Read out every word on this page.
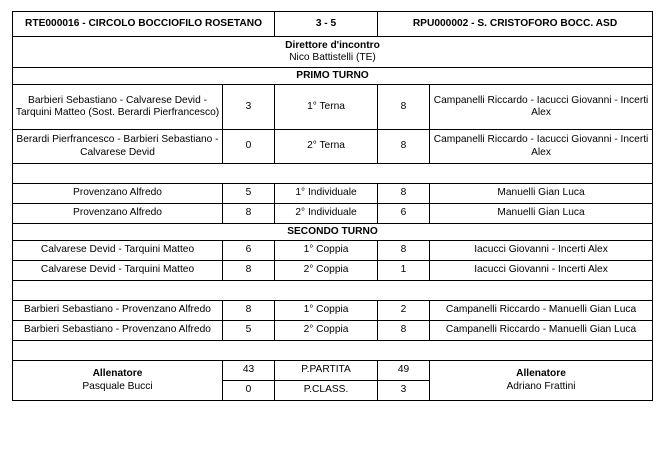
RTE000016 - CIRCOLO BOCCIOFILO ROSETANO		3 - 5	RPU000002 - S. CRISTOFORO BOCC. ASD	

Direttore d'incontro
Nico Battistelli (TE)				

PRIMO TURNO				
Barbieri Sebastiano - Calvarese Devid - Tarquini Matteo (Sost. Berardi Pierfrancesco)	3	1° Terna	8	Campanelli Riccardo - Iacucci Giovanni - Incerti Alex
Berardi Pierfrancesco - Barbieri Sebastiano - Calvarese Devid	0	2° Terna	8	Campanelli Riccardo - Iacucci Giovanni - Incerti Alex

Provenzano Alfredo	5	1° Individuale	8	Manuelli Gian Luca
Provenzano Alfredo	8	2° Individuale	6	Manuelli Gian Luca
SECONDO TURNO				
Calvarese Devid - Tarquini Matteo	6	1° Coppia	8	Iacucci Giovanni - Incerti Alex
Calvarese Devid - Tarquini Matteo	8	2° Coppia	1	Iacucci Giovanni - Incerti Alex

Barbieri Sebastiano - Provenzano Alfredo	8	1° Coppia	2	Campanelli Riccardo - Manuelli Gian Luca
Barbieri Sebastiano - Provenzano Alfredo	5	2° Coppia	8	Campanelli Riccardo - Manuelli Gian Luca

Allenatore
Pasquale Bucci	43	P.PARTITA	49	Allenatore
Adriano Frattini

	0	P.CLASS.	3	
